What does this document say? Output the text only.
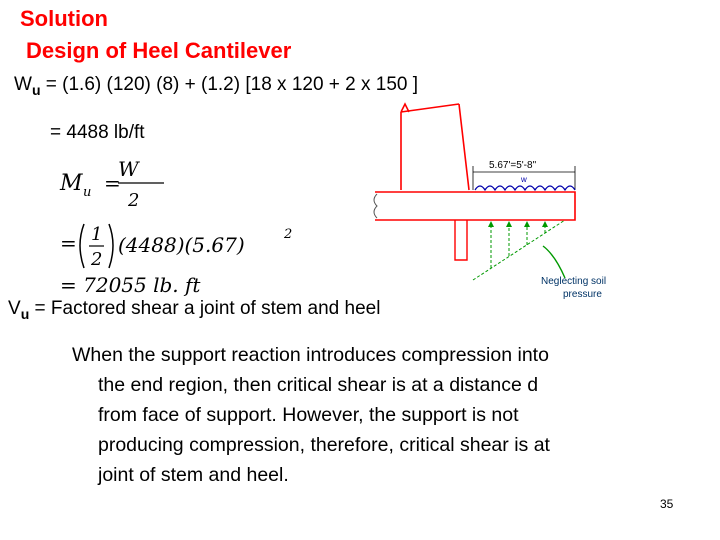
Solution
Design of Heel Cantilever
$W_u = (1.6)$ (120) (8) + (1.2) [18 x 120 + 2 x 150 ]
= 4488 lb/ft
M u =
W
2
= 1
2
(4488)(5.67)	2
= 72055 lb. ft
$V_u$ = Factored shear a joint of stem and heel
When the support reaction introduces compression into
the end region, then critical shear is at a distance d
from face of support. However, the support is not
producing compression, therefore, critical shear is at
joint of stem and heel.
5.67'=5'-8"
w
Neglecting soil
pressure
35
